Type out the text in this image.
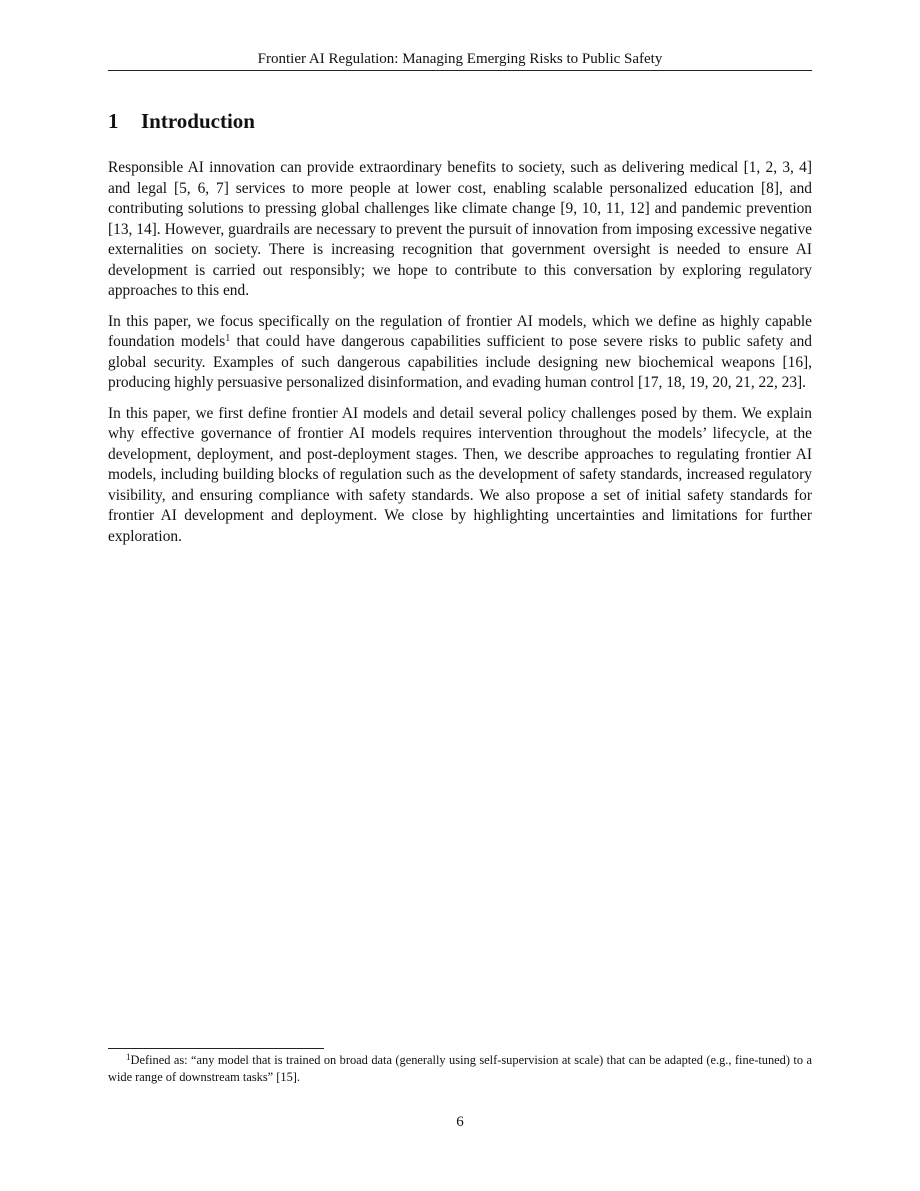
Frontier AI Regulation: Managing Emerging Risks to Public Safety
1 Introduction

Responsible AI innovation can provide extraordinary benefits to society, such as delivering medical [1, 2, 3, 4] and legal [5, 6, 7] services to more people at lower cost, enabling scalable personalized education [8], and contributing solutions to pressing global challenges like climate change [9, 10, 11, 12] and pandemic prevention [13, 14]. However, guardrails are necessary to prevent the pursuit of innovation from imposing excessive negative externalities on society. There is increasing recognition that government oversight is needed to ensure AI development is carried out responsibly; we hope to contribute to this conversation by exploring regulatory approaches to this end.

In this paper, we focus specifically on the regulation of frontier AI models, which we define as highly capable foundation models$^1$ that could have dangerous capabilities sufficient to pose severe risks to public safety and global security. Examples of such dangerous capabilities include designing new biochemical weapons [16], producing highly persuasive personalized disinformation, and evading human control [17, 18, 19, 20, 21, 22, 23].

In this paper, we first define frontier AI models and detail several policy challenges posed by them. We explain why effective governance of frontier AI models requires intervention throughout the models’ lifecycle, at the development, deployment, and post-deployment stages. Then, we describe approaches to regulating frontier AI models, including building blocks of regulation such as the development of safety standards, increased regulatory visibility, and ensuring compliance with safety standards. We also propose a set of initial safety standards for frontier AI development and deployment. We close by highlighting uncertainties and limitations for further exploration.

$^1$Defined as: “any model that is trained on broad data (generally using self-supervision at scale) that can be adapted (e.g., fine-tuned) to a wide range of downstream tasks” [15].

6
